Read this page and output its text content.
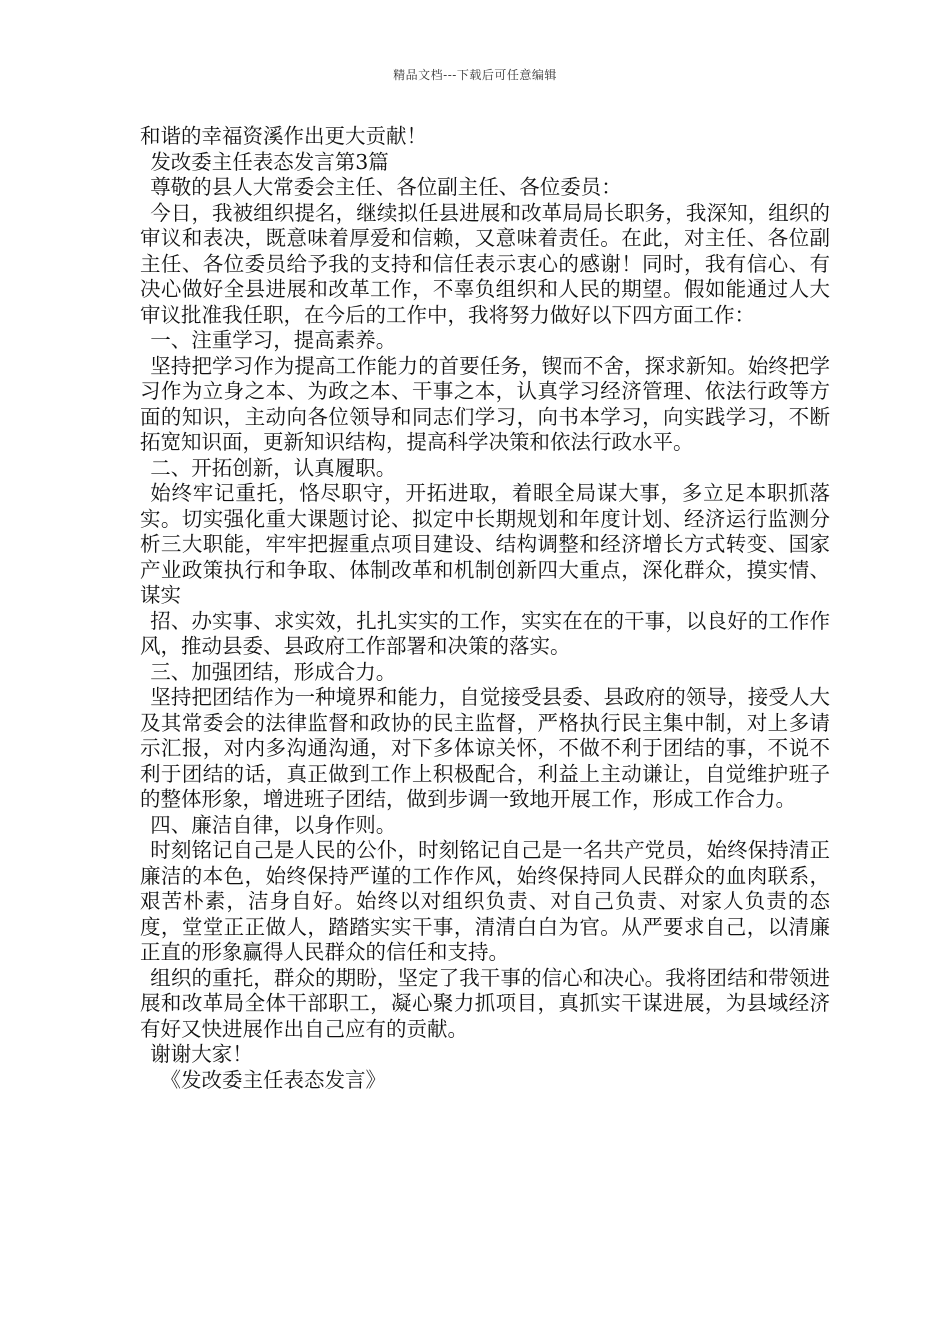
精品文档---下载后可任意编辑

和谐的幸福资溪作出更大贡献！

发改委主任表态发言第3篇

尊敬的县人大常委会主任、各位副主任、各位委员：

今日，我被组织提名，继续拟任县进展和改革局局长职务，我深知，组织的审议和表决，既意味着厚爱和信赖，又意味着责任。在此，对主任、各位副主任、各位委员给予我的支持和信任表示衷心的感谢！同时，我有信心、有决心做好全县进展和改革工作，不辜负组织和人民的期望。假如能通过人大审议批准我任职，在今后的工作中，我将努力做好以下四方面工作：

一、注重学习，提高素养。

坚持把学习作为提高工作能力的首要任务，锲而不舍，探求新知。始终把学习作为立身之本、为政之本、干事之本，认真学习经济管理、依法行政等方面的知识，主动向各位领导和同志们学习，向书本学习，向实践学习，不断拓宽知识面，更新知识结构，提高科学决策和依法行政水平。

二、开拓创新，认真履职。

始终牢记重托，恪尽职守，开拓进取，着眼全局谋大事，多立足本职抓落实。切实强化重大课题讨论、拟定中长期规划和年度计划、经济运行监测分析三大职能，牢牢把握重点项目建设、结构调整和经济增长方式转变、国家产业政策执行和争取、体制改革和机制创新四大重点，深化群众，摸实情、谋实

招、办实事、求实效，扎扎实实的工作，实实在在的干事，以良好的工作作风，推动县委、县政府工作部署和决策的落实。

三、加强团结，形成合力。

坚持把团结作为一种境界和能力，自觉接受县委、县政府的领导，接受人大及其常委会的法律监督和政协的民主监督，严格执行民主集中制，对上多请示汇报，对内多沟通沟通，对下多体谅关怀，不做不利于团结的事，不说不利于团结的话，真正做到工作上积极配合，利益上主动谦让，自觉维护班子的整体形象，增进班子团结，做到步调一致地开展工作，形成工作合力。

四、廉洁自律，以身作则。

时刻铭记自己是人民的公仆，时刻铭记自己是一名共产党员，始终保持清正廉洁的本色，始终保持严谨的工作作风，始终保持同人民群众的血肉联系，艰苦朴素，洁身自好。始终以对组织负责、对自己负责、对家人负责的态度，堂堂正正做人，踏踏实实干事，清清白白为官。从严要求自己，以清廉正直的形象赢得人民群众的信任和支持。

组织的重托，群众的期盼，坚定了我干事的信心和决心。我将团结和带领进展和改革局全体干部职工，凝心聚力抓项目，真抓实干谋进展，为县域经济有好又快进展作出自己应有的贡献。

谢谢大家！

《发改委主任表态发言》
